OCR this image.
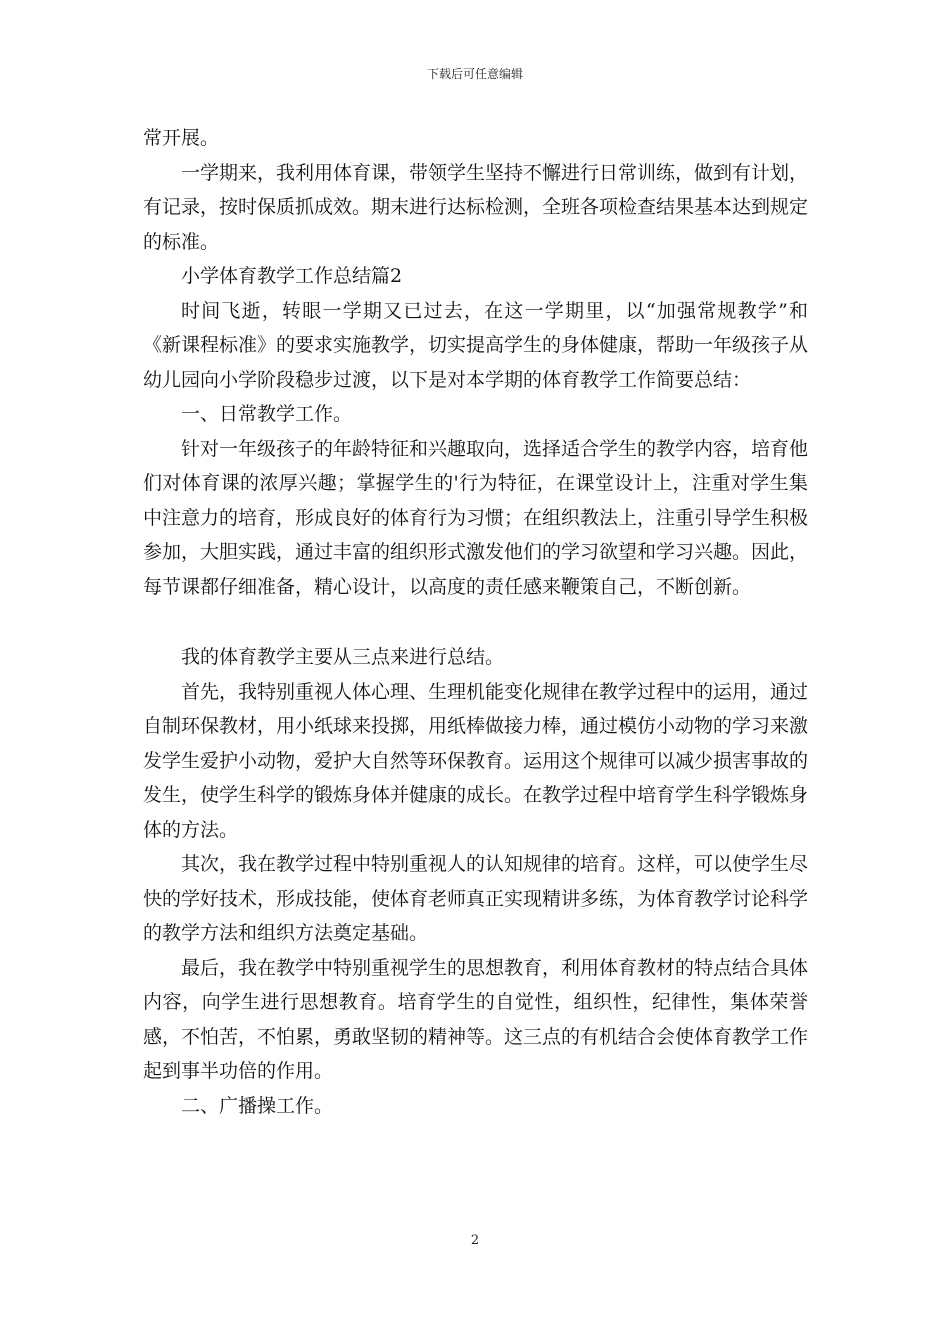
下载后可任意编辑

常开展。

一学期来，我利用体育课，带领学生坚持不懈进行日常训练，做到有计划，有记录，按时保质抓成效。期末进行达标检测，全班各项检查结果基本达到规定的标准。

小学体育教学工作总结篇2

时间飞逝，转眼一学期又已过去，在这一学期里，以“加强常规教学”和《新课程标准》的要求实施教学，切实提高学生的身体健康，帮助一年级孩子从幼儿园向小学阶段稳步过渡，以下是对本学期的体育教学工作简要总结：

一、日常教学工作。

针对一年级孩子的年龄特征和兴趣取向，选择适合学生的教学内容，培育他们对体育课的浓厚兴趣；掌握学生的'行为特征，在课堂设计上，注重对学生集中注意力的培育，形成良好的体育行为习惯；在组织教法上，注重引导学生积极参加，大胆实践，通过丰富的组织形式激发他们的学习欲望和学习兴趣。因此，每节课都仔细准备，精心设计，以高度的责任感来鞭策自己，不断创新。

我的体育教学主要从三点来进行总结。

首先，我特别重视人体心理、生理机能变化规律在教学过程中的运用，通过自制环保教材，用小纸球来投掷，用纸棒做接力棒，通过模仿小动物的学习来激发学生爱护小动物，爱护大自然等环保教育。运用这个规律可以减少损害事故的发生，使学生科学的锻炼身体并健康的成长。在教学过程中培育学生科学锻炼身体的方法。

其次，我在教学过程中特别重视人的认知规律的培育。这样，可以使学生尽快的学好技术，形成技能，使体育老师真正实现精讲多练，为体育教学讨论科学的教学方法和组织方法奠定基础。

最后，我在教学中特别重视学生的思想教育，利用体育教材的特点结合具体内容，向学生进行思想教育。培育学生的自觉性，组织性，纪律性，集体荣誉感，不怕苦，不怕累，勇敢坚韧的精神等。这三点的有机结合会使体育教学工作起到事半功倍的作用。

二、广播操工作。

2
